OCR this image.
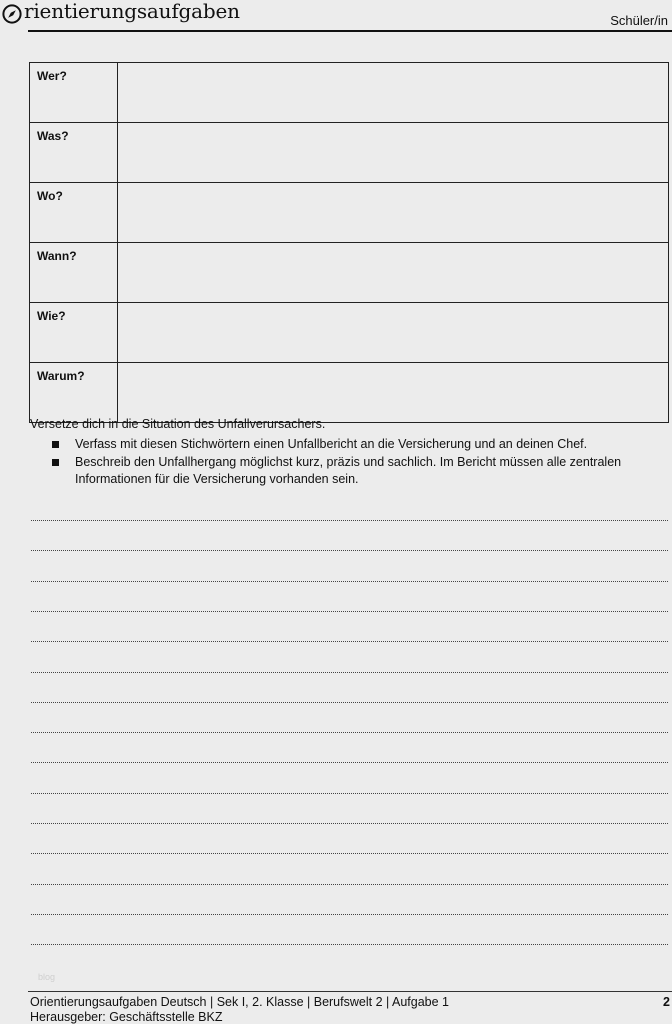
rientierungsaufgaben	Schüler/in
Wer?	
Was?	
Wo?	
Wann?	
Wie?	
Warum?	
Versetze dich in die Situation des Unfallverursachers.
Verfass mit diesen Stichwörtern einen Unfallbericht an die Versicherung und an deinen Chef.
Beschreib den Unfallhergang möglichst kurz, präzis und sachlich. Im Bericht müssen alle zentralen Informationen für die Versicherung vorhanden sein.
blog
Orientierungsaufgaben Deutsch | Sek I, 2. Klasse | Berufswelt 2 | Aufgabe 1
Herausgeber: Geschäftsstelle BKZ
2
